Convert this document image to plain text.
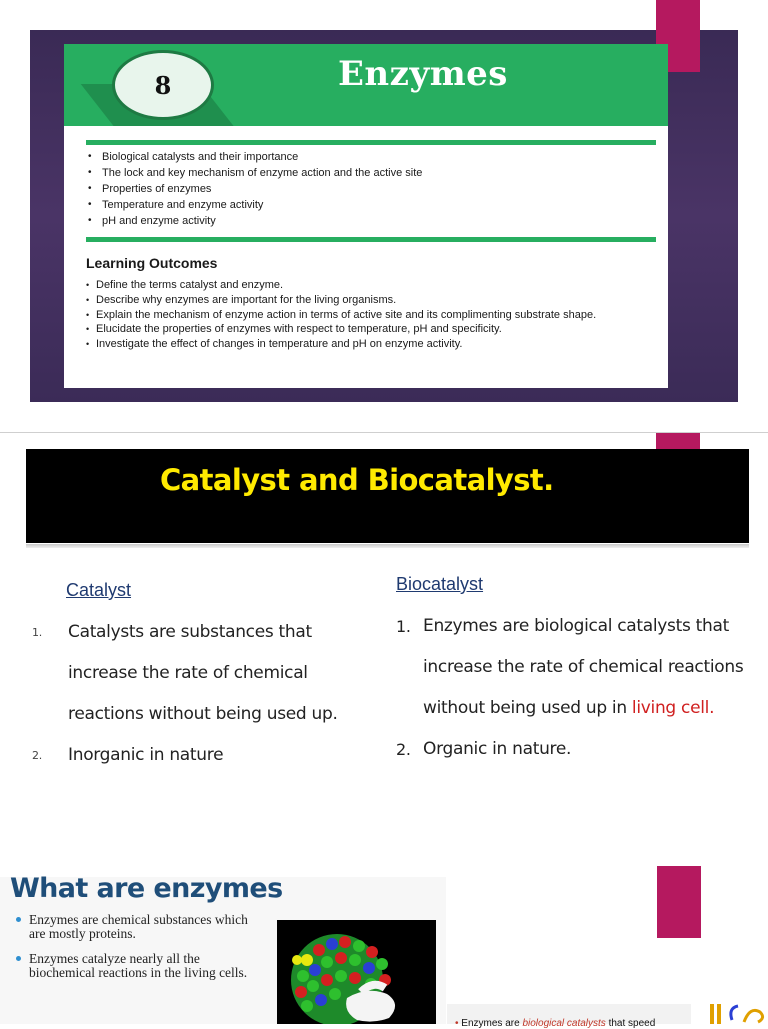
8	Enzymes
• Biological catalysts and their importance
• The lock and key mechanism of enzyme action and the active site
• Properties of enzymes
• Temperature and enzyme activity
• pH and enzyme activity
Learning Outcomes
• Define the terms catalyst and enzyme.
• Describe why enzymes are important for the living organisms.
• Explain the mechanism of enzyme action in terms of active site and its complimenting substrate shape.
• Elucidate the properties of enzymes with respect to temperature, pH and specificity.
• Investigate the effect of changes in temperature and pH on enzyme activity.
Catalyst and Biocatalyst.
Catalyst
1. Catalysts are substances that increase the rate of chemical reactions without being used up.
2. Inorganic in nature
Biocatalyst
1. Enzymes are biological catalysts that increase the rate of chemical reactions without being used up in living cell.
2. Organic in nature.
What are enzymes
Enzymes are chemical substances which are mostly proteins.
Enzymes catalyze nearly all the biochemical reactions in the living cells.
• Enzymes are biological catalysts that speed
